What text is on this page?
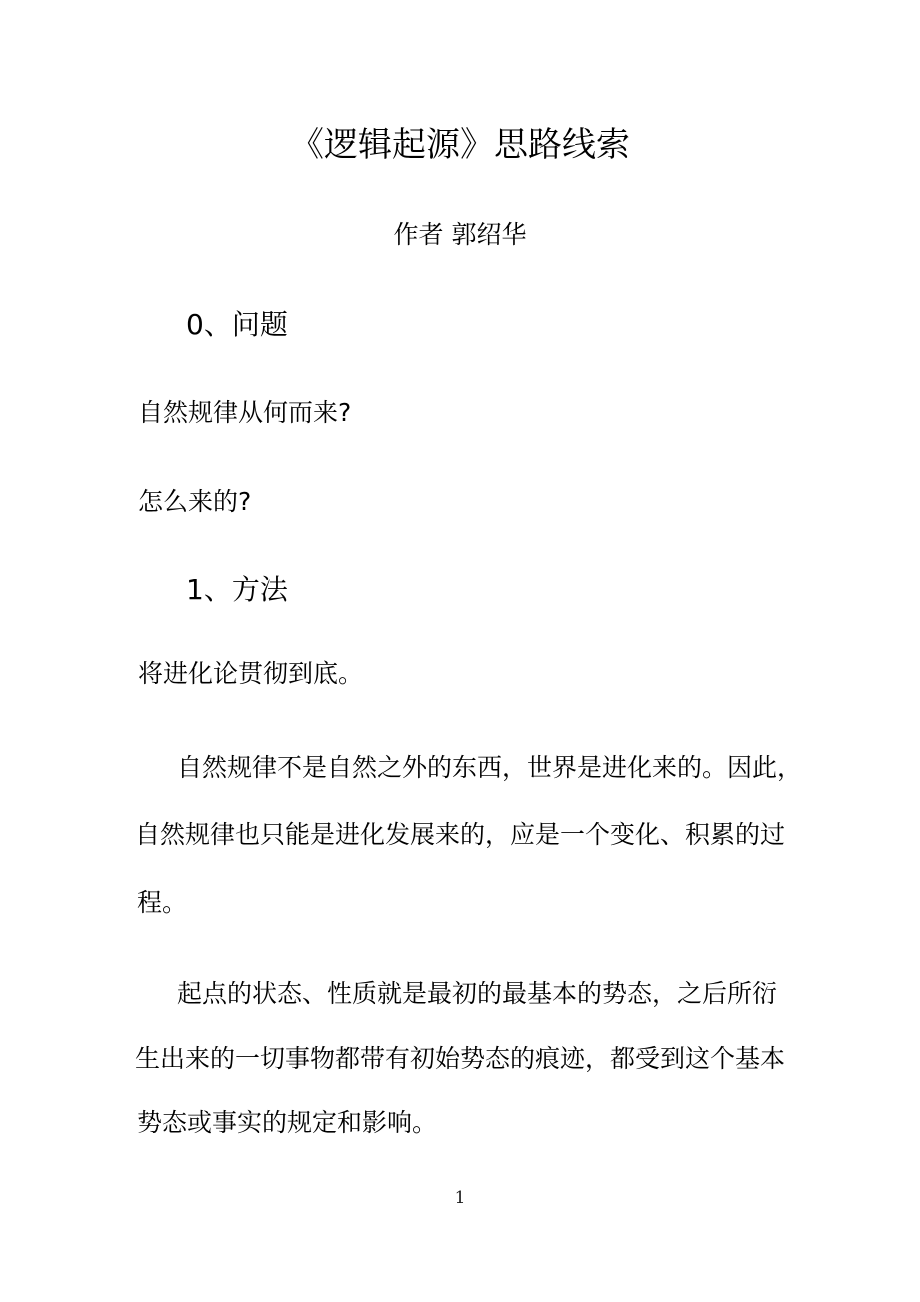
《逻辑起源》思路线索
作者 郭绍华
0、问题
自然规律从何而来?
怎么来的?
1、方法
将进化论贯彻到底。
自然规律不是自然之外的东西，世界是进化来的。因此，
自然规律也只能是进化发展来的，应是一个变化、积累的过
程。
起点的状态、性质就是最初的最基本的势态，之后所衍
生出来的一切事物都带有初始势态的痕迹，都受到这个基本
势态或事实的规定和影响。
1
